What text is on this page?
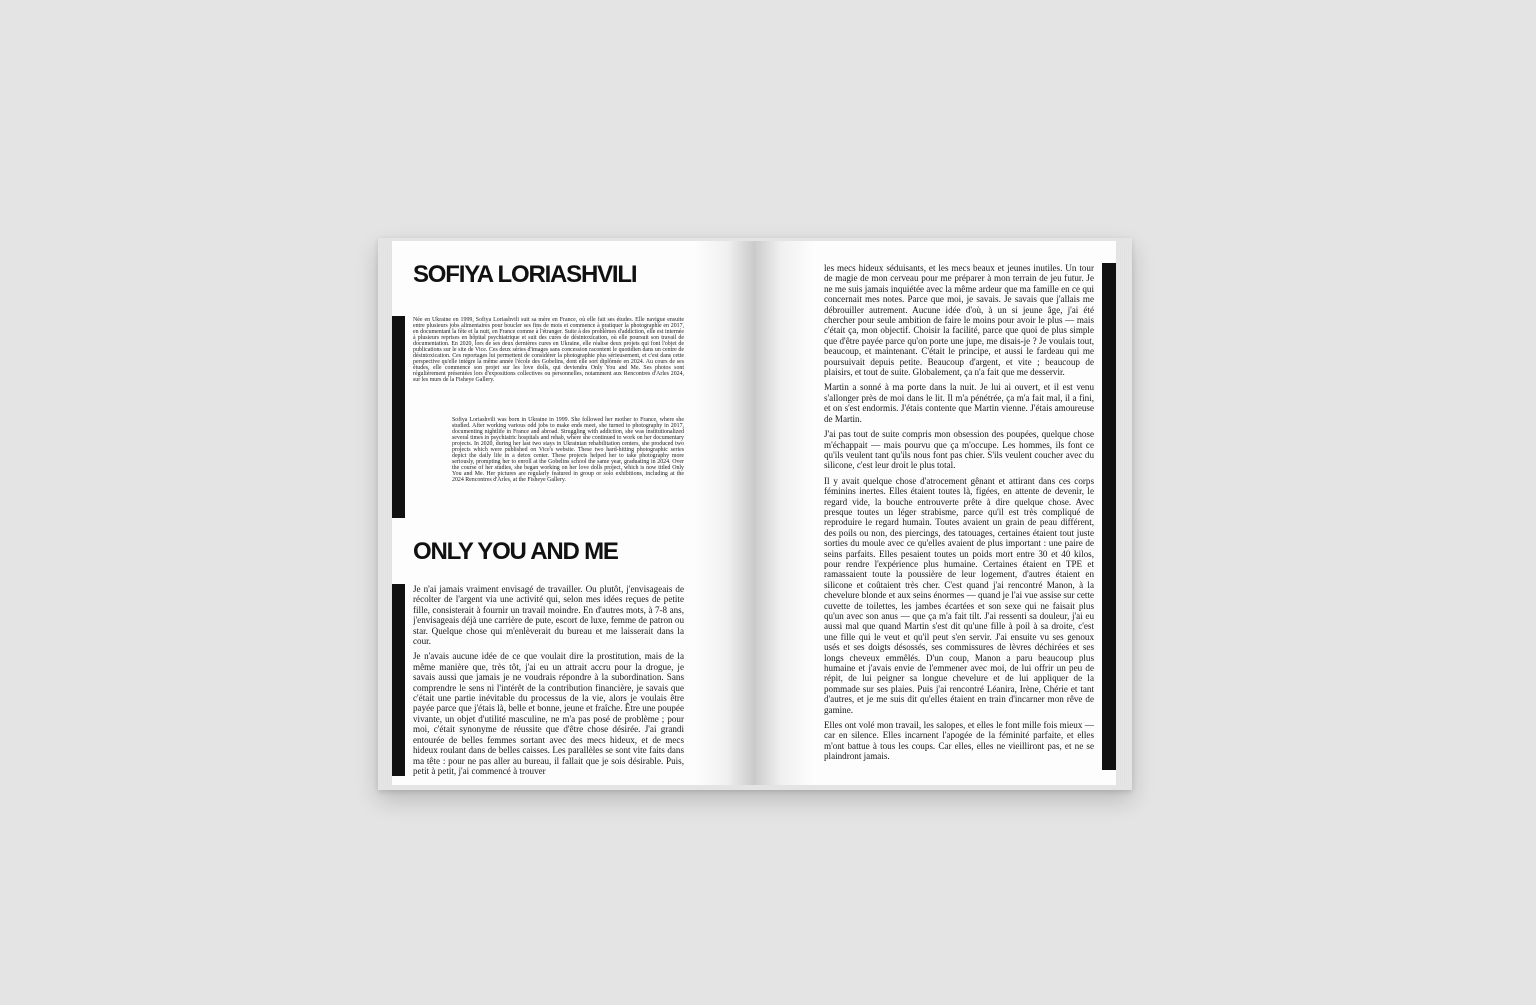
SOFIYA LORIASHVILI

Née en Ukraine en 1999, Sofiya Loriashvili suit sa mère en France, où elle fait ses études. Elle navigue ensuite entre plusieurs jobs alimentaires pour boucler ses fins de mois et commence à pratiquer la photographie en 2017, en documentant la fête et la nuit, en France comme à l'étranger. Suite à des problèmes d'addiction, elle est internée à plusieurs reprises en hôpital psychiatrique et suit des cures de désintoxication, où elle poursuit son travail de documentation. En 2020, lors de ses deux dernières cures en Ukraine, elle réalise deux projets qui font l'objet de publications sur le site de Vice. Ces deux séries d'images sans concession racontent le quotidien dans un centre de désintoxication. Ces reportages lui permettent de considérer la photographie plus sérieusement, et c'est dans cette perspective qu'elle intègre la même année l'école des Gobelins, dont elle sort diplômée en 2024. Au cours de ses études, elle commence son projet sur les love dolls, qui deviendra Only You and Me. Ses photos sont régulièrement présentées lors d'expositions collectives ou personnelles, notamment aux Rencontres d'Arles 2024, sur les murs de la Fisheye Gallery.

Sofiya Loriashvili was born in Ukraine in 1999. She followed her mother to France, where she studied. After working various odd jobs to make ends meet, she turned to photography in 2017, documenting nightlife in France and abroad. Struggling with addiction, she was institutionalized several times in psychiatric hospitals and rehab, where she continued to work on her documentary projects. In 2020, during her last two stays in Ukrainian rehabilitation centers, she produced two projects which were published on Vice's website. These two hard-hitting photographic series depict the daily life in a detox center. These projects helped her to take photography more seriously, prompting her to enroll at the Gobelins school the same year, graduating in 2024. Over the course of her studies, she began working on her love dolls project, which is now titled Only You and Me. Her pictures are regularly featured in group or solo exhibitions, including at the 2024 Rencontres d'Arles, at the Fisheye Gallery.

ONLY YOU AND ME

Je n'ai jamais vraiment envisagé de travailler. Ou plutôt, j'envisageais de récolter de l'argent via une activité qui, selon mes idées reçues de petite fille, consisterait à fournir un travail moindre. En d'autres mots, à 7-8 ans, j'envisageais déjà une carrière de pute, escort de luxe, femme de patron ou star. Quelque chose qui m'enlèverait du bureau et me laisserait dans la cour.

Je n'avais aucune idée de ce que voulait dire la prostitution, mais de la même manière que, très tôt, j'ai eu un attrait accru pour la drogue, je savais aussi que jamais je ne voudrais répondre à la subordination. Sans comprendre le sens ni l'intérêt de la contribution financière, je savais que c'était une partie inévitable du processus de la vie, alors je voulais être payée parce que j'étais là, belle et bonne, jeune et fraîche. Être une poupée vivante, un objet d'utilité masculine, ne m'a pas posé de problème ; pour moi, c'était synonyme de réussite que d'être chose désirée. J'ai grandi entourée de belles femmes sortant avec des mecs hideux, et de mecs hideux roulant dans de belles caisses. Les parallèles se sont vite faits dans ma tête : pour ne pas aller au bureau, il fallait que je sois désirable. Puis, petit à petit, j'ai commencé à trouver

les mecs hideux séduisants, et les mecs beaux et jeunes inutiles. Un tour de magie de mon cerveau pour me préparer à mon terrain de jeu futur. Je ne me suis jamais inquiétée avec la même ardeur que ma famille en ce qui concernait mes notes. Parce que moi, je savais. Je savais que j'allais me débrouiller autrement. Aucune idée d'où, à un si jeune âge, j'ai été chercher pour seule ambition de faire le moins pour avoir le plus — mais c'était ça, mon objectif. Choisir la facilité, parce que quoi de plus simple que d'être payée parce qu'on porte une jupe, me disais-je ? Je voulais tout, beaucoup, et maintenant. C'était le principe, et aussi le fardeau qui me poursuivait depuis petite. Beaucoup d'argent, et vite ; beaucoup de plaisirs, et tout de suite. Globalement, ça n'a fait que me desservir.

Martin a sonné à ma porte dans la nuit. Je lui ai ouvert, et il est venu s'allonger près de moi dans le lit. Il m'a pénétrée, ça m'a fait mal, il a fini, et on s'est endormis. J'étais contente que Martin vienne. J'étais amoureuse de Martin.

J'ai pas tout de suite compris mon obsession des poupées, quelque chose m'échappait — mais pourvu que ça m'occupe. Les hommes, ils font ce qu'ils veulent tant qu'ils nous font pas chier. S'ils veulent coucher avec du silicone, c'est leur droit le plus total.

Il y avait quelque chose d'atrocement gênant et attirant dans ces corps féminins inertes. Elles étaient toutes là, figées, en attente de devenir, le regard vide, la bouche entrouverte prête à dire quelque chose. Avec presque toutes un léger strabisme, parce qu'il est très compliqué de reproduire le regard humain. Toutes avaient un grain de peau différent, des poils ou non, des piercings, des tatouages, certaines étaient tout juste sorties du moule avec ce qu'elles avaient de plus important : une paire de seins parfaits. Elles pesaient toutes un poids mort entre 30 et 40 kilos, pour rendre l'expérience plus humaine. Certaines étaient en TPE et ramassaient toute la poussière de leur logement, d'autres étaient en silicone et coûtaient très cher. C'est quand j'ai rencontré Manon, à la chevelure blonde et aux seins énormes — quand je l'ai vue assise sur cette cuvette de toilettes, les jambes écartées et son sexe qui ne faisait plus qu'un avec son anus — que ça m'a fait tilt. J'ai ressenti sa douleur, j'ai eu aussi mal que quand Martin s'est dit qu'une fille à poil à sa droite, c'est une fille qui le veut et qu'il peut s'en servir. J'ai ensuite vu ses genoux usés et ses doigts désossés, ses commissures de lèvres déchirées et ses longs cheveux emmêlés. D'un coup, Manon a paru beaucoup plus humaine et j'avais envie de l'emmener avec moi, de lui offrir un peu de répit, de lui peigner sa longue chevelure et de lui appliquer de la pommade sur ses plaies. Puis j'ai rencontré Léanira, Irène, Chérie et tant d'autres, et je me suis dit qu'elles étaient en train d'incarner mon rêve de gamine.

Elles ont volé mon travail, les salopes, et elles le font mille fois mieux — car en silence. Elles incarnent l'apogée de la féminité parfaite, et elles m'ont battue à tous les coups. Car elles, elles ne vieilliront pas, et ne se plaindront jamais.
